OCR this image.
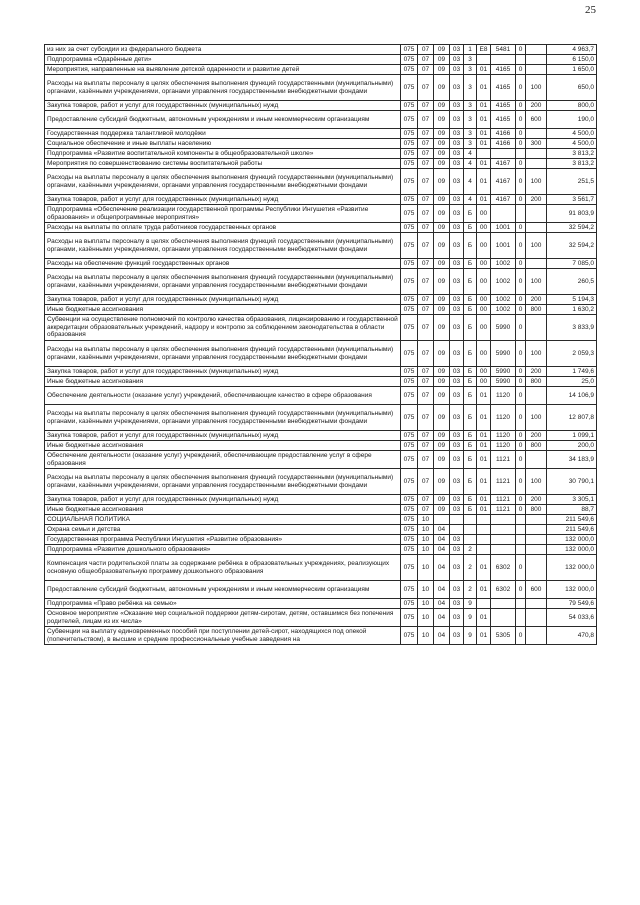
25
из них за счет субсидии из федерального бюджета	075	07	09	03	1	Е8	5481	0		4 963,7
Подпрограмма «Одарённые дети»	075	07	09	03	3					6 150,0
Мероприятия, направленные на выявление детской одаренности и развитие детей	075	07	09	03	3	01	4165	0		1 650,0
Расходы на выплаты персоналу в целях обеспечения выполнения функций государственными (муниципальными) органами, казёнными учреждениями, органами управления государственными внебюджетными фондами	075	07	09	03	3	01	4165	0	100	650,0
Закупка товаров, работ и услуг для государственных (муниципальных) нужд	075	07	09	03	3	01	4165	0	200	800,0
Предоставление субсидий бюджетным, автономным учреждениям и иным некоммерческим организациям	075	07	09	03	3	01	4165	0	600	190,0
Государственная поддержка талантливой молодёжи	075	07	09	03	3	01	4166	0		4 500,0
Социальное обеспечение и иные выплаты населению	075	07	09	03	3	01	4166	0	300	4 500,0
Подпрограмма «Развитие воспитательной компоненты в общеобразовательной школе»	075	07	09	03	4					3 813,2
Мероприятия по совершенствованию системы воспитательной работы	075	07	09	03	4	01	4167	0		3 813,2
Расходы на выплаты персоналу в целях обеспечения выполнения функций государственными (муниципальными) органами, казёнными учреждениями, органами управления государственными внебюджетными фондами	075	07	09	03	4	01	4167	0	100	251,5
Закупка товаров, работ и услуг для государственных (муниципальных) нужд	075	07	09	03	4	01	4167	0	200	3 561,7
Подпрограмма «Обеспечение реализации государственной программы Республики Ингушетия «Развитие образования» и общепрограммные мероприятия»	075	07	09	03	Б	00				91 803,9
Расходы на выплаты по оплате труда работников государственных органов	075	07	09	03	Б	00	1001	0		32 594,2
Расходы на выплаты персоналу в целях обеспечения выполнения функций государственными (муниципальными) органами, казёнными учреждениями, органами управления государственными внебюджетными фондами	075	07	09	03	Б	00	1001	0	100	32 594,2
Расходы на обеспечение функций государственных органов	075	07	09	03	Б	00	1002	0		7 085,0
Расходы на выплаты персоналу в целях обеспечения выполнения функций государственными (муниципальными) органами, казёнными учреждениями, органами управления государственными внебюджетными фондами	075	07	09	03	Б	00	1002	0	100	260,5
Закупка товаров, работ и услуг для государственных (муниципальных) нужд	075	07	09	03	Б	00	1002	0	200	5 194,3
Иные бюджетные ассигнования	075	07	09	03	Б	00	1002	0	800	1 630,2
Субвенции на осуществление полномочий по контролю качества образования, лицензированию и государственной аккредитации образовательных учреждений, надзору и контролю за соблюдением законодательства в области образования	075	07	09	03	Б	00	5990	0		3 833,9
Расходы на выплаты персоналу в целях обеспечения выполнения функций государственными (муниципальными) органами, казёнными учреждениями, органами управления государственными внебюджетными фондами	075	07	09	03	Б	00	5990	0	100	2 059,3
Закупка товаров, работ и услуг для государственных (муниципальных) нужд	075	07	09	03	Б	00	5990	0	200	1 749,6
Иные бюджетные ассигнования	075	07	09	03	Б	00	5990	0	800	25,0
Обеспечение деятельности (оказание услуг) учреждений, обеспечивающие качество в сфере образования	075	07	09	03	Б	01	1120	0		14 106,9
Расходы на выплаты персоналу в целях обеспечения выполнения функций государственными (муниципальными) органами, казёнными учреждениями, органами управления государственными внебюджетными фондами	075	07	09	03	Б	01	1120	0	100	12 807,8
Закупка товаров, работ и услуг для государственных (муниципальных) нужд	075	07	09	03	Б	01	1120	0	200	1 099,1
Иные бюджетные ассигнования	075	07	09	03	Б	01	1120	0	800	200,0
Обеспечение деятельности (оказание услуг) учреждений, обеспечивающие предоставление услуг в сфере образования	075	07	09	03	Б	01	1121	0		34 183,9
Расходы на выплаты персоналу в целях обеспечения выполнения функций государственными (муниципальными) органами, казёнными учреждениями, органами управления государственными внебюджетными фондами	075	07	09	03	Б	01	1121	0	100	30 790,1
Закупка товаров, работ и услуг для государственных (муниципальных) нужд	075	07	09	03	Б	01	1121	0	200	3 305,1
Иные бюджетные ассигнования	075	07	09	03	Б	01	1121	0	800	88,7
СОЦИАЛЬНАЯ ПОЛИТИКА	075	10								211 549,6
Охрана семьи и детства	075	10	04							211 549,6
Государственная программа Республики Ингушетия «Развитие образования»	075	10	04	03						132 000,0
Подпрограмма «Развитие дошкольного образования»	075	10	04	03	2					132 000,0
Компенсация части родительской платы за содержание ребёнка в образовательных учреждениях, реализующих основную общеобразовательную программу дошкольного образования	075	10	04	03	2	01	6302	0		132 000,0
Предоставление субсидий бюджетным, автономным учреждениям и иным некоммерческим организациям	075	10	04	03	2	01	6302	0	600	132 000,0
Подпрограмма «Право ребёнка на семью»	075	10	04	03	9					79 549,6
Основное мероприятие «Оказание мер социальной поддержки детям-сиротам, детям, оставшимся без попечения родителей, лицам из их числа»	075	10	04	03	9	01				54 033,6
Субвенции на выплату единовременных пособий при поступлении детей-сирот, находящихся под опекой (попечительством), в высшие и средние профессиональные учебные заведения на	075	10	04	03	9	01	5305	0		470,8
